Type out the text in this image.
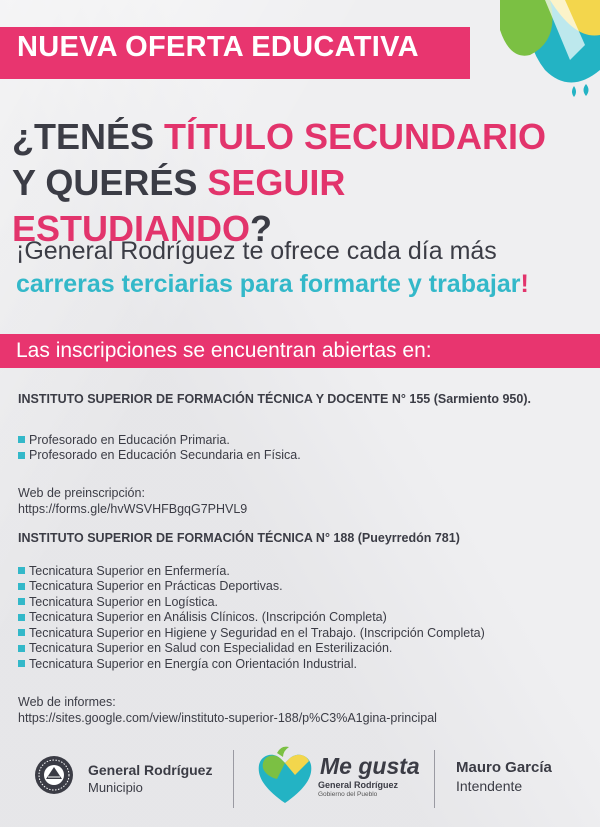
NUEVA OFERTA EDUCATIVA
¿TENÉS TÍTULO SECUNDARIO
Y QUERÉS SEGUIR ESTUDIANDO?
¡General Rodríguez te ofrece cada día más
carreras terciarias para formarte y trabajar!
Las inscripciones se encuentran abiertas en:
INSTITUTO SUPERIOR DE FORMACIÓN TÉCNICA Y DOCENTE N° 155 (Sarmiento 950).
Profesorado en Educación Primaria.
Profesorado en Educación Secundaria en Física.
Web de preinscripción:
https://forms.gle/hvWSVHFBgqG7PHVL9
INSTITUTO SUPERIOR DE FORMACIÓN TÉCNICA N° 188 (Pueyrredón 781)
Tecnicatura Superior en Enfermería.
Tecnicatura Superior en Prácticas Deportivas.
Tecnicatura Superior en Logística.
Tecnicatura Superior en Análisis Clínicos. (Inscripción Completa)
Tecnicatura Superior en Higiene y Seguridad en el Trabajo. (Inscripción Completa)
Tecnicatura Superior en Salud con Especialidad en Esterilización.
Tecnicatura Superior en Energía con Orientación Industrial.
Web de informes:
https://sites.google.com/view/instituto-superior-188/p%C3%A1gina-principal
General Rodríguez
Municipio
Me gusta
General Rodríguez
Gobierno del Pueblo
Mauro García
Intendente
